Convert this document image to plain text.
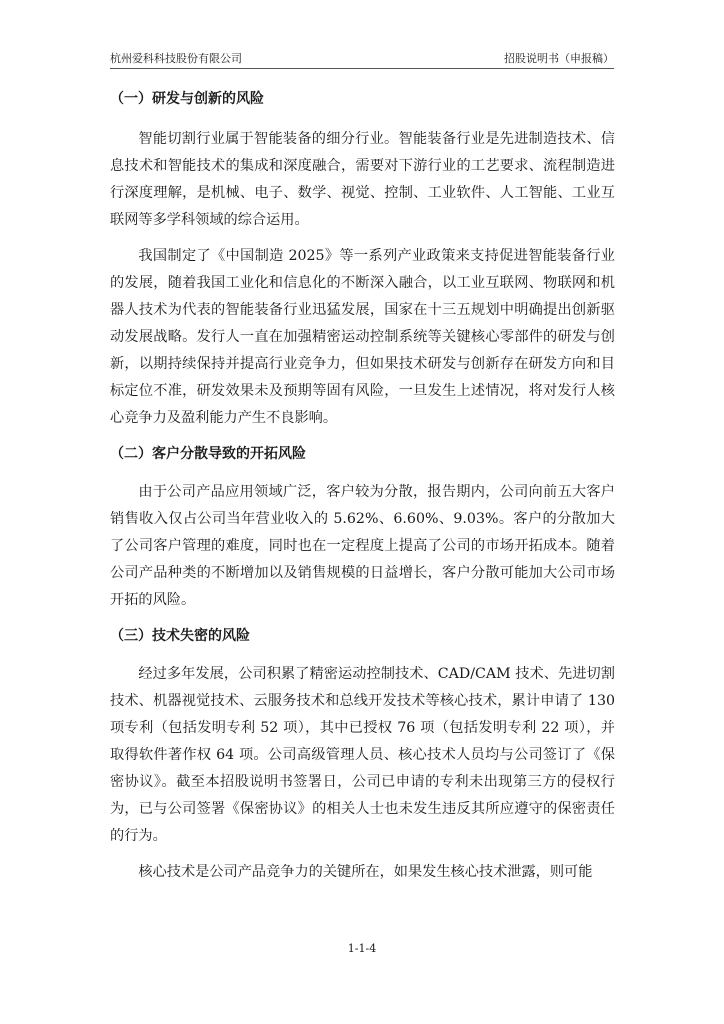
杭州爱科科技股份有限公司	招股说明书（申报稿）
（一）研发与创新的风险

智能切割行业属于智能装备的细分行业。智能装备行业是先进制造技术、信息技术和智能技术的集成和深度融合，需要对下游行业的工艺要求、流程制造进行深度理解，是机械、电子、数学、视觉、控制、工业软件、人工智能、工业互联网等多学科领域的综合运用。

我国制定了《中国制造 2025》等一系列产业政策来支持促进智能装备行业的发展，随着我国工业化和信息化的不断深入融合，以工业互联网、物联网和机器人技术为代表的智能装备行业迅猛发展，国家在十三五规划中明确提出创新驱动发展战略。发行人一直在加强精密运动控制系统等关键核心零部件的研发与创新，以期持续保持并提高行业竞争力，但如果技术研发与创新存在研发方向和目标定位不准，研发效果未及预期等固有风险，一旦发生上述情况，将对发行人核心竞争力及盈利能力产生不良影响。

（二）客户分散导致的开拓风险

由于公司产品应用领域广泛，客户较为分散，报告期内，公司向前五大客户销售收入仅占公司当年营业收入的 5.62%、6.60%、9.03%。客户的分散加大了公司客户管理的难度，同时也在一定程度上提高了公司的市场开拓成本。随着公司产品种类的不断增加以及销售规模的日益增长，客户分散可能加大公司市场开拓的风险。

（三）技术失密的风险

经过多年发展，公司积累了精密运动控制技术、CAD/CAM 技术、先进切割技术、机器视觉技术、云服务技术和总线开发技术等核心技术，累计申请了 130 项专利（包括发明专利 52 项），其中已授权 76 项（包括发明专利 22 项），并取得软件著作权 64 项。公司高级管理人员、核心技术人员均与公司签订了《保密协议》。截至本招股说明书签署日，公司已申请的专利未出现第三方的侵权行为，已与公司签署《保密协议》的相关人士也未发生违反其所应遵守的保密责任的行为。

核心技术是公司产品竞争力的关键所在，如果发生核心技术泄露，则可能

1-1-4
